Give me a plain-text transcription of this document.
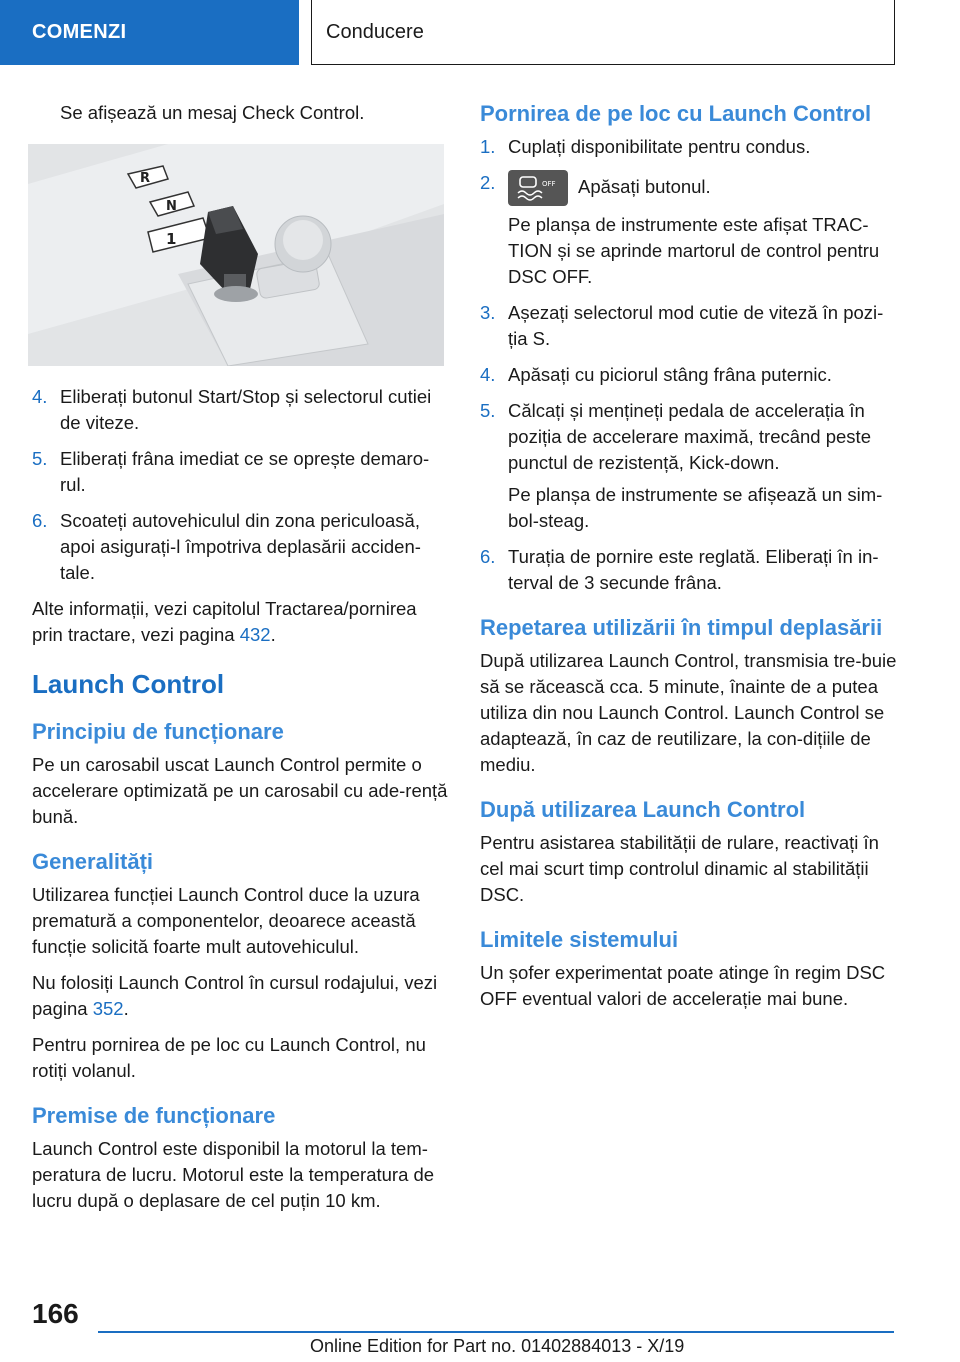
COMENZI	Conducere

Se afișează un mesaj Check Control.

R
N
1
4. Eliberați butonul Start/Stop și selectorul cutiei de viteze.
5. Eliberați frâna imediat ce se oprește demaro-rul.
6. Scoateți autovehiculul din zona periculoasă, apoi asigurați-l împotriva deplasării acciden-tale.

Alte informații, vezi capitolul Tractarea/pornirea prin tractare, vezi pagina 432.

Launch Control
Principiu de funcționare

Pe un carosabil uscat Launch Control permite o accelerare optimizată pe un carosabil cu ade-rență bună.

Generalități

Utilizarea funcției Launch Control duce la uzura prematură a componentelor, deoarece această funcție solicită foarte mult autovehiculul.

Nu folosiți Launch Control în cursul rodajului, vezi pagina 352.

Pentru pornirea de pe loc cu Launch Control, nu rotiți volanul.

Premise de funcționare

Launch Control este disponibil la motorul la tem-peratura de lucru. Motorul este la temperatura de lucru după o deplasare de cel puțin 10 km.

Pornirea de pe loc cu Launch Control
1. Cuplați disponibilitate pentru condus.
2.	OFF Apăsați butonul.

Pe planșa de instrumente este afișat TRAC-TION și se aprinde martorul de control pentru DSC OFF.

3. Așezați selectorul mod cutie de viteză în pozi-ția S.
4. Apăsați cu piciorul stâng frâna puternic.
5. Călcați și mențineți pedala de accelerația în poziția de accelerare maximă, trecând peste punctul de rezistență, Kick-down.

Pe planșa de instrumente se afișează un sim-bol-steag.

6. Turația de pornire este reglată. Eliberați în in-terval de 3 secunde frâna.
Repetarea utilizării în timpul deplasării

După utilizarea Launch Control, transmisia tre-buie să se răcească cca. 5 minute, înainte de a putea utiliza din nou Launch Control. Launch Control se adaptează, în caz de reutilizare, la con-dițiile de mediu.

După utilizarea Launch Control

Pentru asistarea stabilității de rulare, reactivați în cel mai scurt timp controlul dinamic al stabilității DSC.

Limitele sistemului

Un șofer experimentat poate atinge în regim DSC OFF eventual valori de accelerație mai bune.

166
Online Edition for Part no. 01402884013 - X/19
